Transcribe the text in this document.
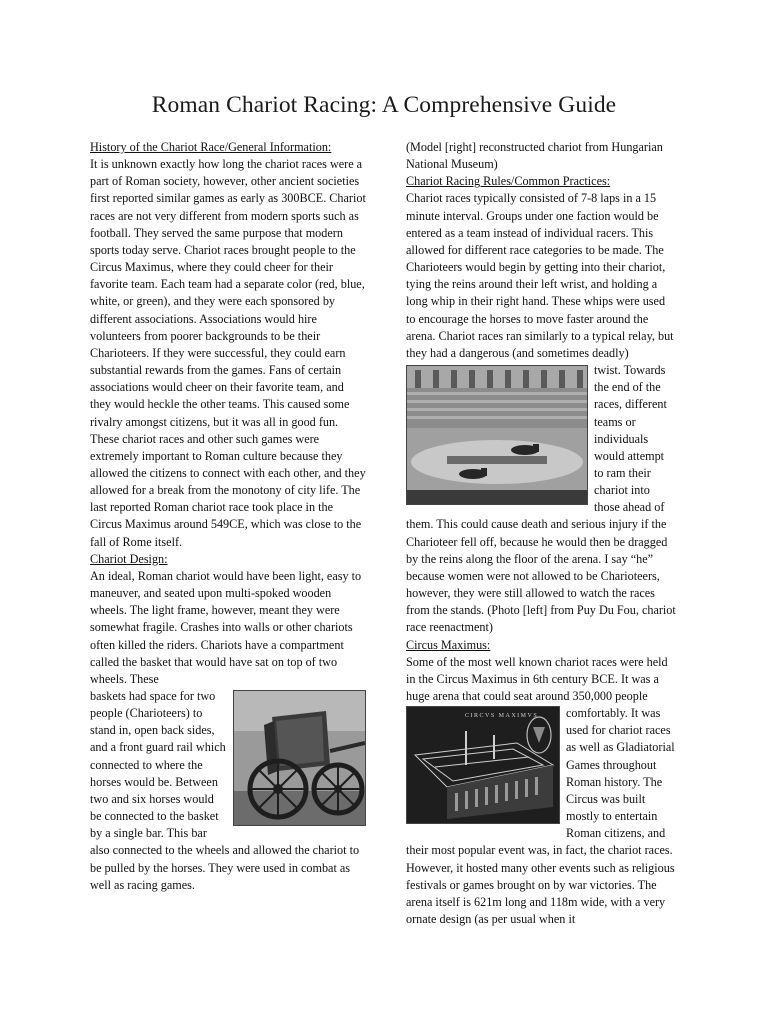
Roman Chariot Racing: A Comprehensive Guide
History of the Chariot Race/General Information:

It is unknown exactly how long the chariot races were a part of Roman society, however, other ancient societies first reported similar games as early as 300BCE. Chariot races are not very different from modern sports such as football. They served the same purpose that modern sports today serve. Chariot races brought people to the Circus Maximus, where they could cheer for their favorite team. Each team had a separate color (red, blue, white, or green), and they were each sponsored by different associations. Associations would hire volunteers from poorer backgrounds to be their Charioteers. If they were successful, they could earn substantial rewards from the games. Fans of certain associations would cheer on their favorite team, and they would heckle the other teams. This caused some rivalry amongst citizens, but it was all in good fun. These chariot races and other such games were extremely important to Roman culture because they allowed the citizens to connect with each other, and they allowed for a break from the monotony of city life. The last reported Roman chariot race took place in the Circus Maximus around 549CE, which was close to the fall of Rome itself.

Chariot Design:

An ideal, Roman chariot would have been light, easy to maneuver, and seated upon multi-spoked wooden wheels. The light frame, however, meant they were somewhat fragile. Crashes into walls or other chariots often killed the riders. Chariots have a compartment called the basket that would have sat on top of two wheels. These

baskets had space for two people (Charioteers) to stand in, open back sides, and a front guard rail which connected to where the horses would be. Between two and six horses would be connected to the basket by a single bar. This bar also connected to the wheels and allowed the chariot to be pulled by the horses. They were used in combat as well as racing games.

(Model [right] reconstructed chariot from Hungarian National Museum)

Chariot Racing Rules/Common Practices:

Chariot races typically consisted of 7-8 laps in a 15 minute interval. Groups under one faction would be entered as a team instead of individual racers. This allowed for different race categories to be made. The Charioteers would begin by getting into their chariot, tying the reins around their left wrist, and holding a long whip in their right hand. These whips were used to encourage the horses to move faster around the arena. Chariot races ran similarly to a typical relay, but they had a dangerous (and sometimes deadly)

twist. Towards the end of the races, different teams or individuals would attempt to ram their chariot into those ahead of them. This could cause death and serious injury if the Charioteer fell off, because he would then be dragged by the reins along the floor of the arena. I say “he” because women were not allowed to be Charioteers, however, they were still allowed to watch the races from the stands. (Photo [left] from Puy Du Fou, chariot race reenactment)

Circus Maximus:

Some of the most well known chariot races were held in the Circus Maximus in 6th century BCE. It was a huge arena that could seat around 350,000 people

CIRCVS MAXIMVS	comfortably. It was used for chariot races as well as Gladiatorial Games throughout Roman history. The Circus was built mostly to entertain Roman citizens, and their most popular event was, in fact, the chariot races. However, it hosted many other events such as religious festivals or games brought on by war victories. The arena itself is 621m long and 118m wide, with a very ornate design (as per usual when it
